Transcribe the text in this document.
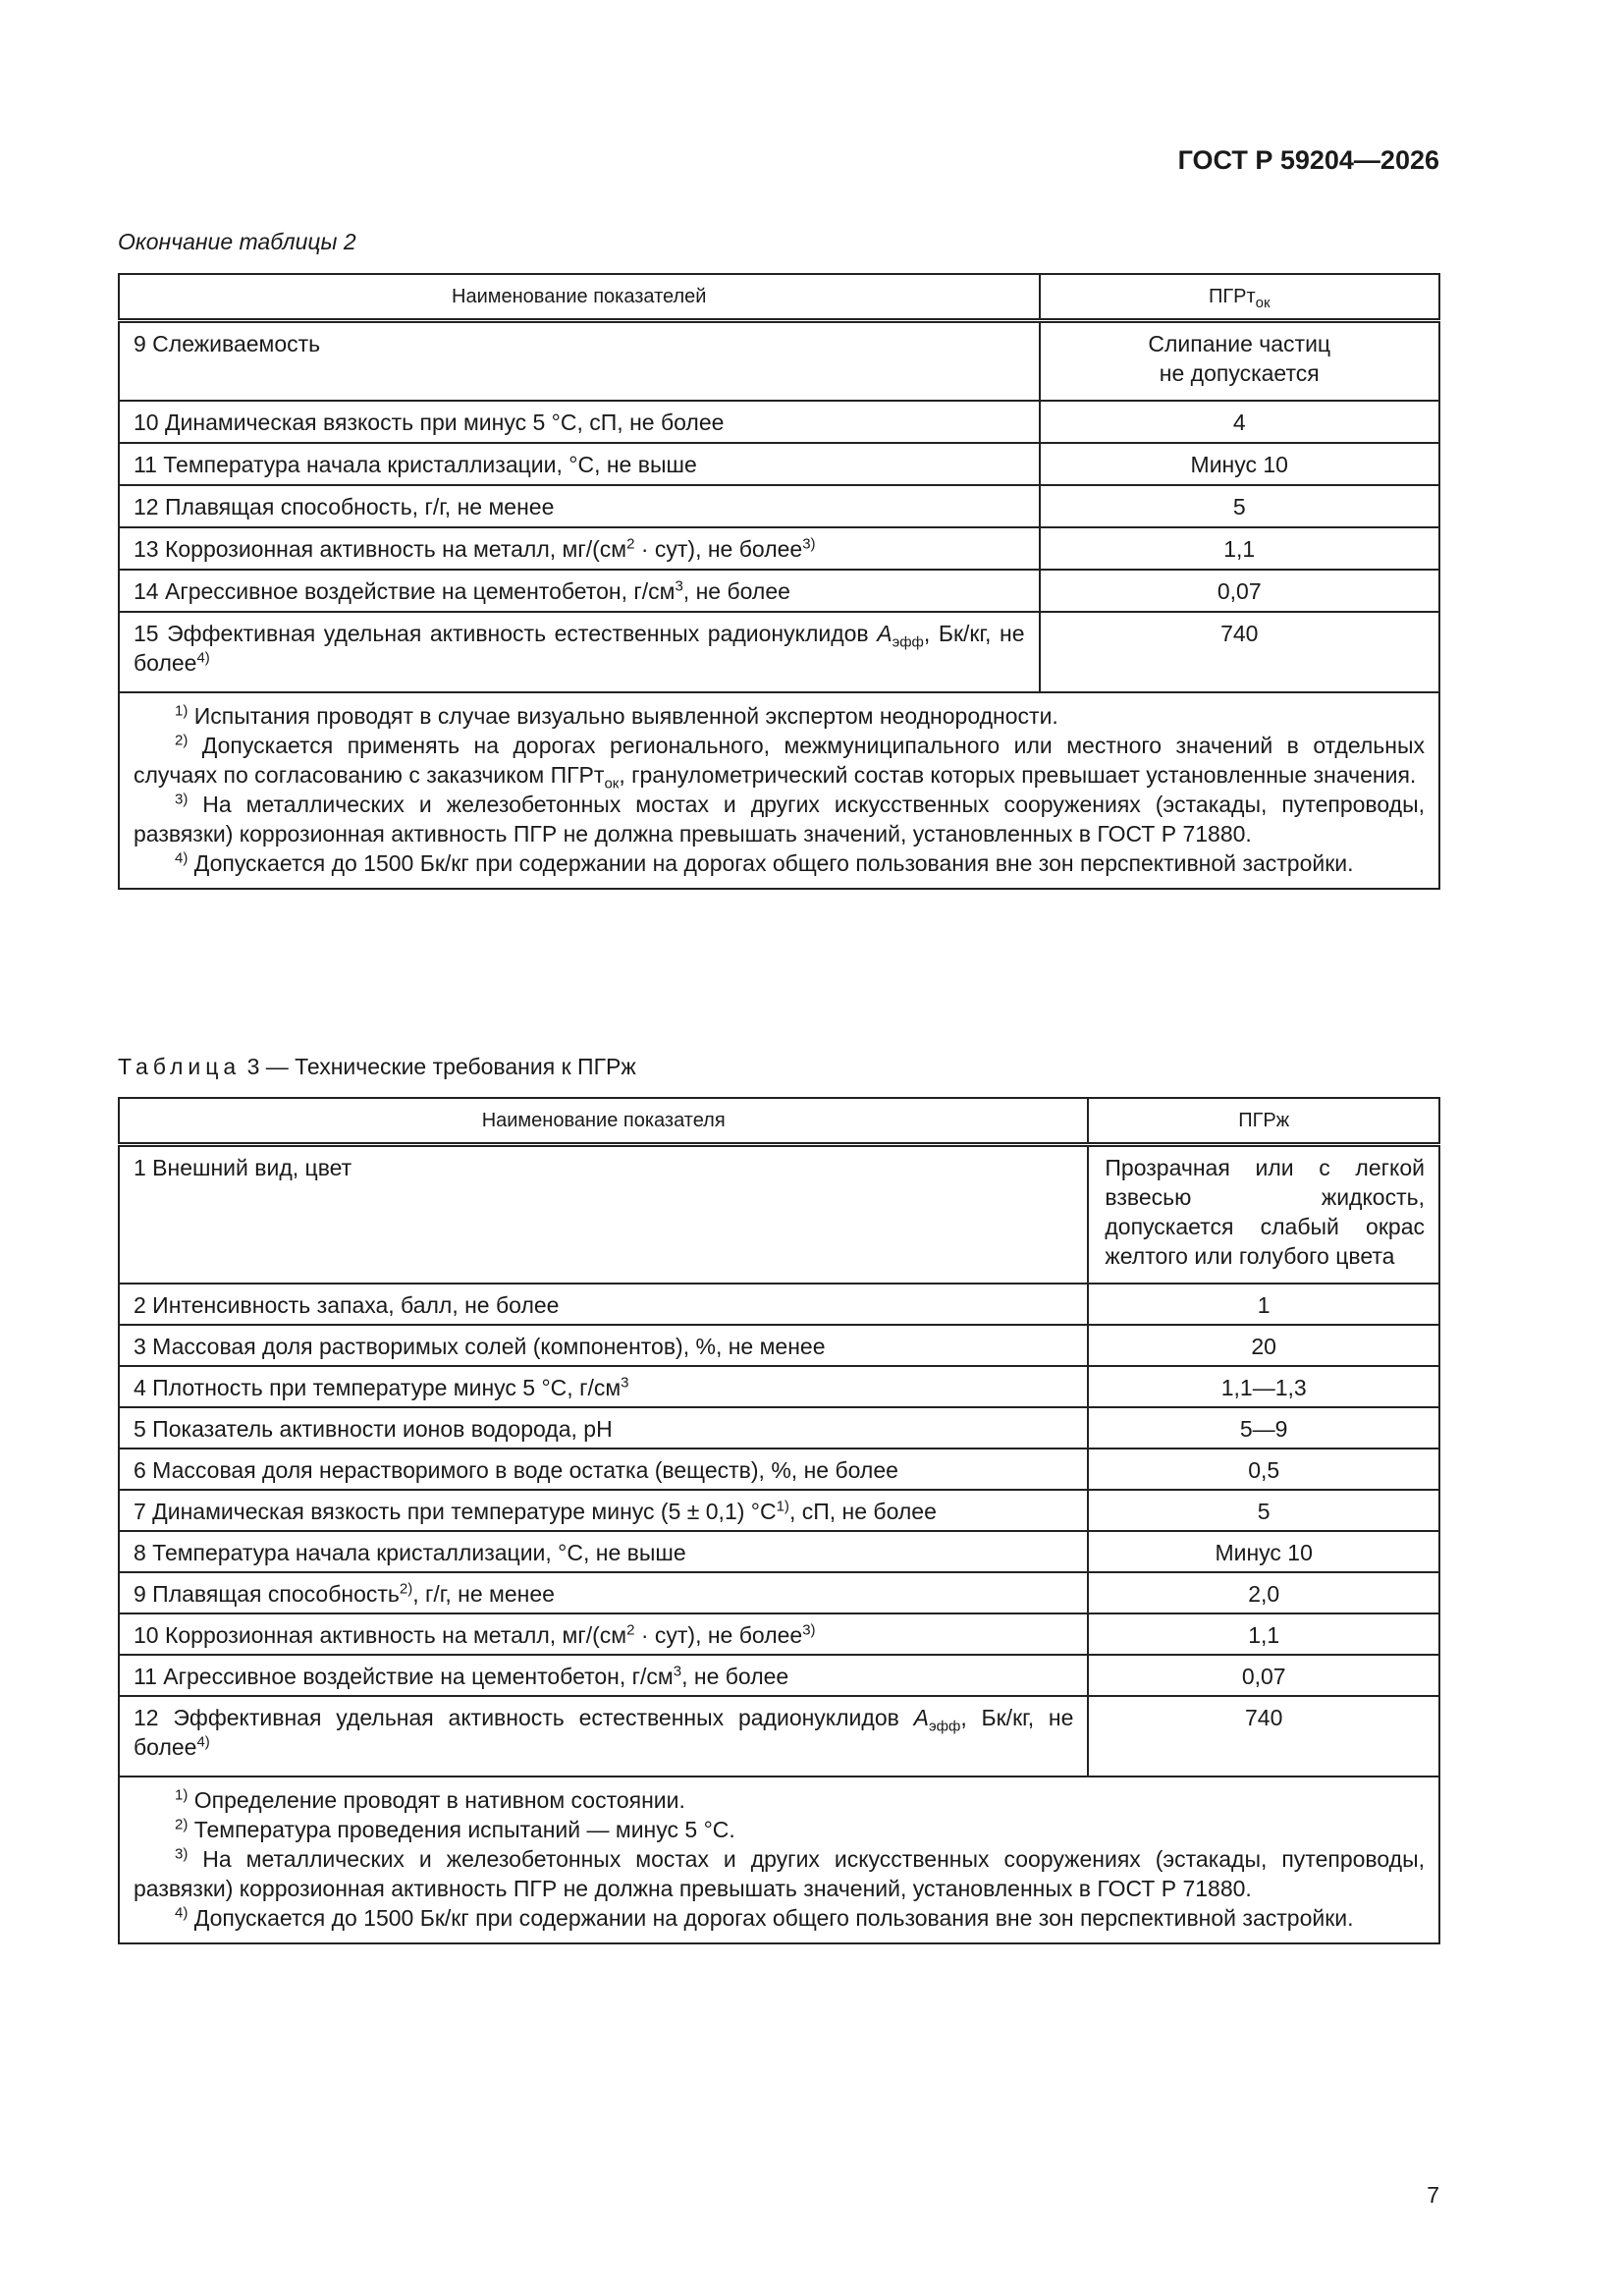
ГОСТ Р 59204—2026
Окончание таблицы 2
Наименование показателей	ПГРт$_{ок}$
9 Слеживаемость	Слипание частиц
не допускается

10 Динамическая вязкость при минус 5 °С, сП, не более	4
11 Температура начала кристаллизации, °С, не выше	Минус 10
12 Плавящая способность, г/г, не менее	5
13 Коррозионная активность на металл, $мг/(см^2 \cdot сут)$, не более$^{3)}$	1,1
14 Агрессивное воздействие на цементобетон, $г/см^3$, не более	0,07
15 Эффективная удельная активность естественных радионуклидов $А_{эфф}$, Бк/кг, не более$^{4)}$	740

$^{1)}$ Испытания проводят в случае визуально выявленной экспертом неоднородности.
$^{2)}$ Допускается применять на дорогах регионального, межмуниципального или местного значений в отдельных случаях по согласованию с заказчиком ПГРт$_{ок}$, гранулометрический состав которых превышает установленные значения.
$^{3)}$ На металлических и железобетонных мостах и других искусственных сооружениях (эстакады, путепроводы, развязки) коррозионная активность ПГР не должна превышать значений, установленных в ГОСТ Р 71880.
$^{4)}$ Допускается до 1500 Бк/кг при содержании на дорогах общего пользования вне зон перспективной застройки.	
Таблица 3 — Технические требования к ПГРж
Наименование показателя	ПГРж
1 Внешний вид, цвет	Прозрачная или с легкой взвесью жидкость, допускается слабый окрас желтого или голубого цвета
2 Интенсивность запаха, балл, не более	1
3 Массовая доля растворимых солей (компонентов), %, не менее	20
4 Плотность при температуре минус 5 °С, $г/см^3$	1,1—1,3
5 Показатель активности ионов водорода, pH	5—9
6 Массовая доля нерастворимого в воде остатка (веществ), %, не более	0,5
7 Динамическая вязкость при температуре минус (5 ± 0,1) $^\circ С^{1)}$, сП, не более	5
8 Температура начала кристаллизации, °С, не выше	Минус 10
9 Плавящая способность$^{2)}$, г/г, не менее	2,0
10 Коррозионная активность на металл, $мг/(см^2 \cdot сут)$, не более$^{3)}$	1,1
11 Агрессивное воздействие на цементобетон, $г/см^3$, не более	0,07
12 Эффективная удельная активность естественных радионуклидов $А_{эфф}$, Бк/кг, не более$^{4)}$	740

$^{1)}$ Определение проводят в нативном состоянии.
$^{2)}$ Температура проведения испытаний — минус 5 °С.
$^{3)}$ На металлических и железобетонных мостах и других искусственных сооружениях (эстакады, путепроводы, развязки) коррозионная активность ПГР не должна превышать значений, установленных в ГОСТ Р 71880.
$^{4)}$ Допускается до 1500 Бк/кг при содержании на дорогах общего пользования вне зон перспективной застройки.	
7
